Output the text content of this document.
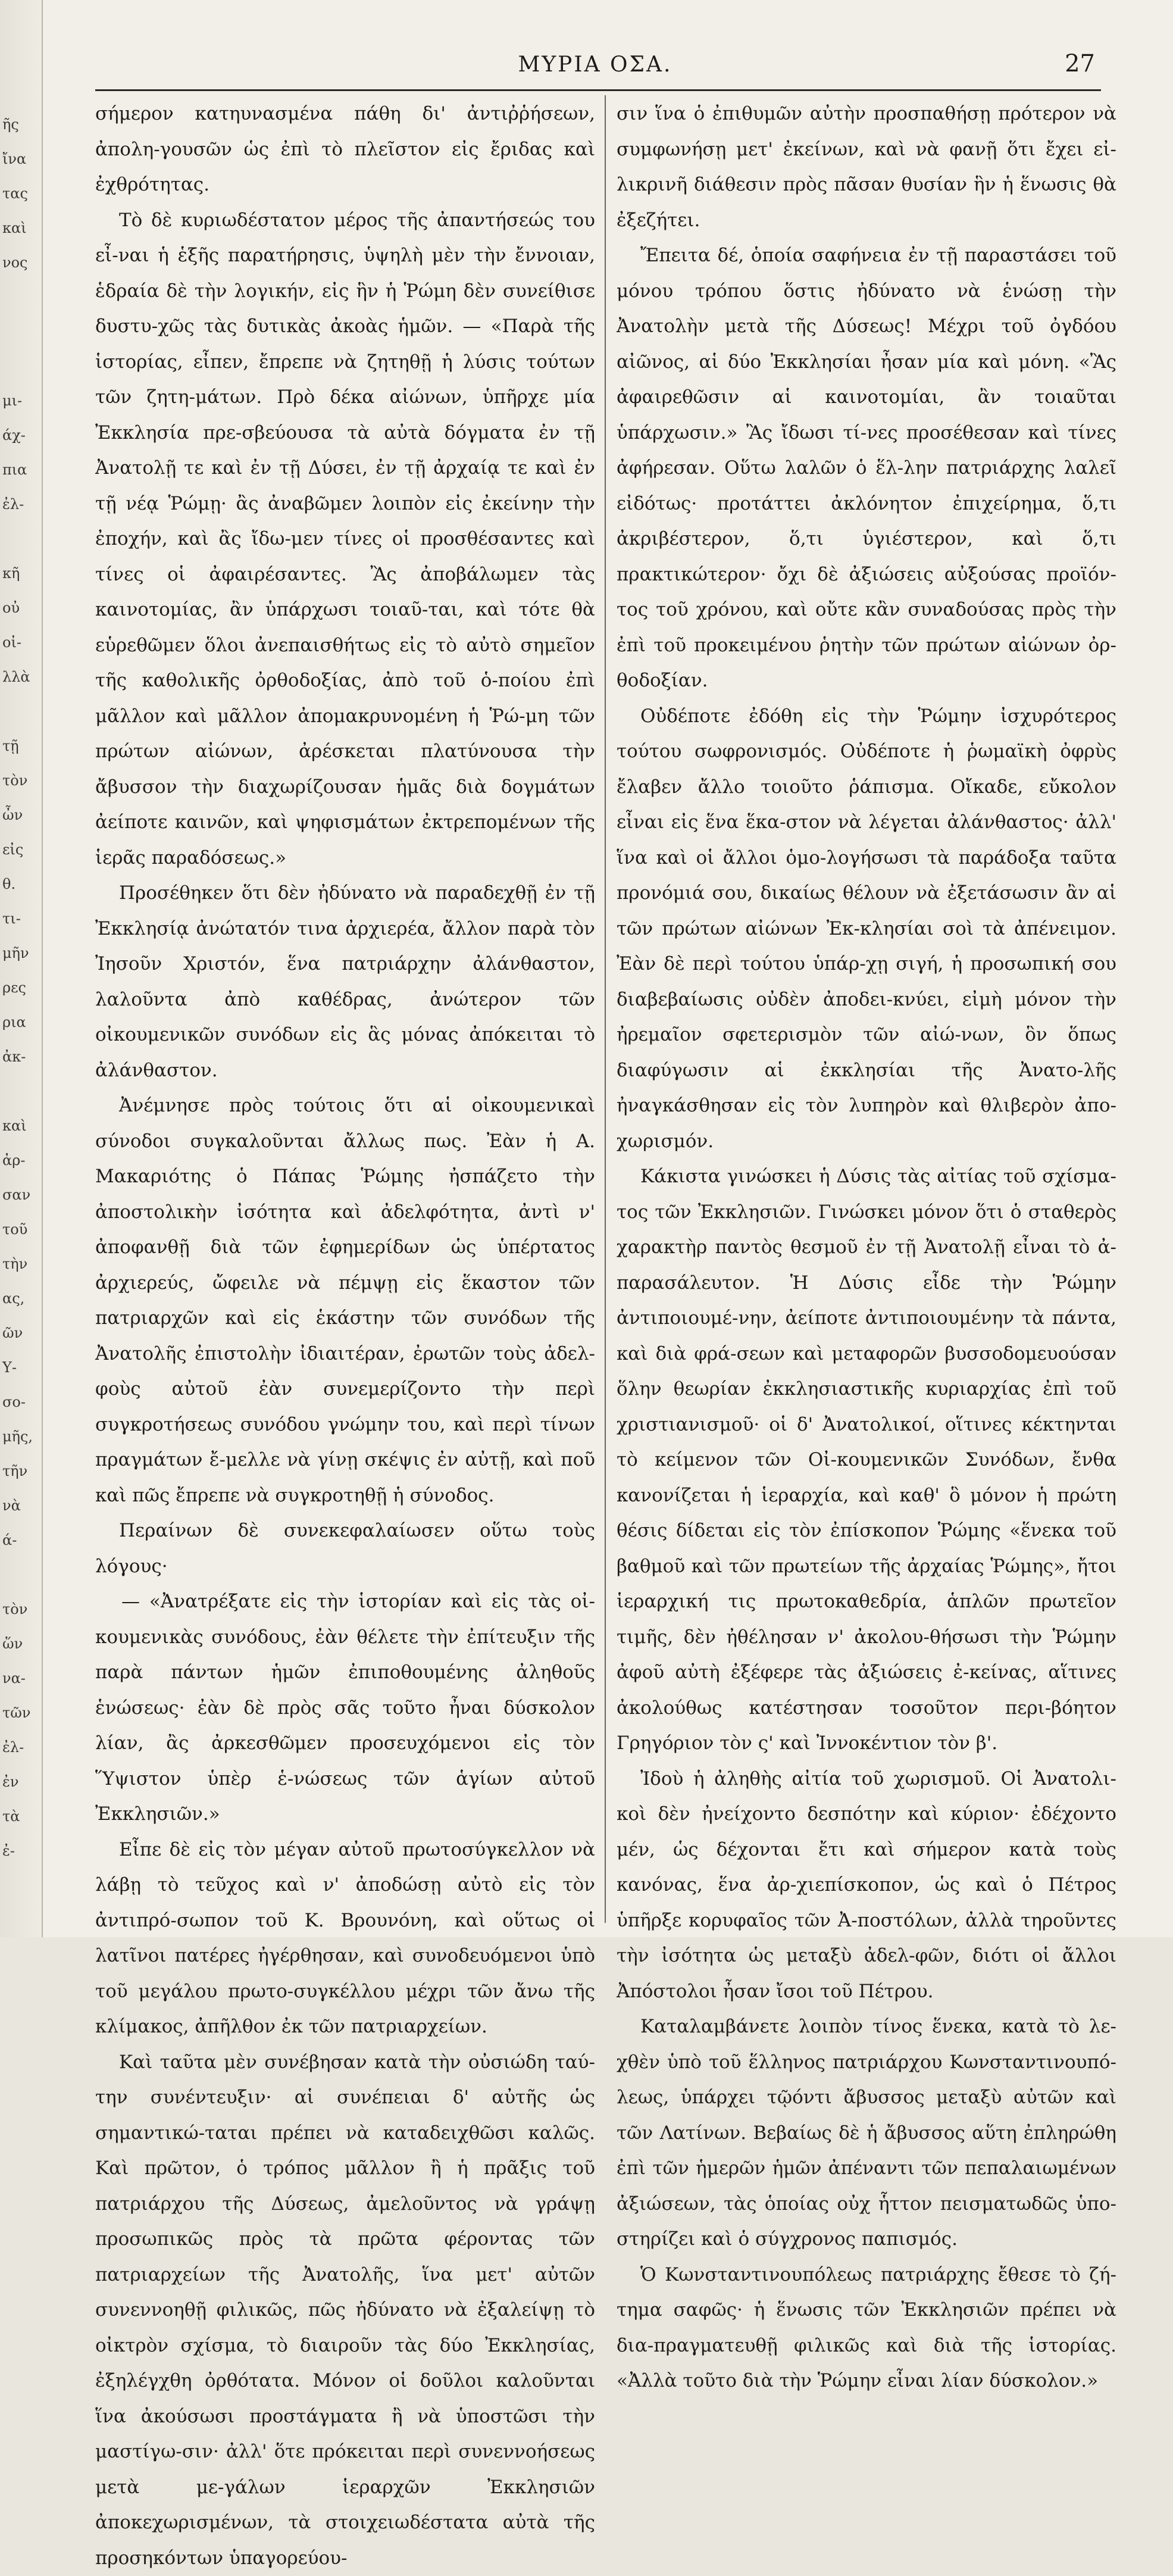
ῆς
ἴνα
τας
καὶ
νος

μι-
άχ-
πια
ἐλ-

κῆ
οὐ
οἱ-
λλὰ

τῇ
τὸν
ὦν
εἰς
θ.
τι-
μῆν
ρες
ρια
ἀκ-

καὶ
ἀρ-
σαν
τοῦ
τὴν
ας,
ῶν
Υ-
σο-
μῆς,
τῆν
νὰ
ά-

τὸν
ὥν
να-
τῶν
ἐλ-
ἐν
τὰ
ἐ-
ΜΥΡΙΑ ΟΣΑ.	27

σήμερον κατηυνασμένα πάθη δι' ἀντιῤῥήσεων, ἀπολη-γουσῶν ὡς ἐπὶ τὸ πλεῖστον εἰς ἔριδας καὶ ἐχθρότητας.

Τὸ δὲ κυριωδέστατον μέρος τῆς ἀπαντήσεώς του εἶ-ναι ἡ ἑξῆς παρατήρησις, ὑψηλὴ μὲν τὴν ἔννοιαν, ἑδραία δὲ τὴν λογικήν, εἰς ἣν ἡ Ῥώμη δὲν συνείθισε δυστυ-χῶς τὰς δυτικὰς ἀκοὰς ἡμῶν. — «Παρὰ τῆς ἱστορίας, εἶπεν, ἔπρεπε νὰ ζητηθῇ ἡ λύσις τούτων τῶν ζητη-μάτων. Πρὸ δέκα αἰώνων, ὑπῆρχε μία Ἐκκλησία πρε-σβεύουσα τὰ αὐτὰ δόγματα ἐν τῇ Ἀνατολῇ τε καὶ ἐν τῇ Δύσει, ἐν τῇ ἀρχαίᾳ τε καὶ ἐν τῇ νέᾳ Ῥώμῃ· ἂς ἀναβῶμεν λοιπὸν εἰς ἐκείνην τὴν ἐποχήν, καὶ ἂς ἴδω-μεν τίνες οἱ προσθέσαντες καὶ τίνες οἱ ἀφαιρέσαντες. Ἂς ἀποβάλωμεν τὰς καινοτομίας, ἂν ὑπάρχωσι τοιαῦ-ται, καὶ τότε θὰ εὑρεθῶμεν ὅλοι ἀνεπαισθήτως εἰς τὸ αὐτὸ σημεῖον τῆς καθολικῆς ὀρθοδοξίας, ἀπὸ τοῦ ὁ-ποίου ἐπὶ μᾶλλον καὶ μᾶλλον ἀπομακρυνομένη ἡ Ῥώ-μη τῶν πρώτων αἰώνων, ἀρέσκεται πλατύνουσα τὴν ἄβυσσον τὴν διαχωρίζουσαν ἡμᾶς διὰ δογμάτων ἀείποτε καινῶν, καὶ ψηφισμάτων ἐκτρεπομένων τῆς ἱερᾶς παραδόσεως.»

Προσέθηκεν ὅτι δὲν ἠδύνατο νὰ παραδεχθῇ ἐν τῇ Ἐκκλησίᾳ ἀνώτατόν τινα ἀρχιερέα, ἄλλον παρὰ τὸν Ἰησοῦν Χριστόν, ἕνα πατριάρχην ἀλάνθαστον, λαλοῦντα ἀπὸ καθέδρας, ἀνώτερον τῶν οἰκουμενικῶν συνόδων εἰς ἃς μόνας ἀπόκειται τὸ ἀλάνθαστον.

Ἀνέμνησε πρὸς τούτοις ὅτι αἱ οἰκουμενικαὶ σύνοδοι συγκαλοῦνται ἄλλως πως. Ἐὰν ἡ Α. Μακαριότης ὁ Πάπας Ῥώμης ἠσπάζετο τὴν ἀποστολικὴν ἰσότητα καὶ ἀδελφότητα, ἀντὶ ν' ἀποφανθῇ διὰ τῶν ἐφημερίδων ὡς ὑπέρτατος ἀρχιερεύς, ὤφειλε νὰ πέμψῃ εἰς ἕκαστον τῶν πατριαρχῶν καὶ εἰς ἑκάστην τῶν συνόδων τῆς Ἀνατολῆς ἐπιστολὴν ἰδιαιτέραν, ἐρωτῶν τοὺς ἀδελ-φοὺς αὐτοῦ ἐὰν συνεμερίζοντο τὴν περὶ συγκροτήσεως συνόδου γνώμην του, καὶ περὶ τίνων πραγμάτων ἔ-μελλε νὰ γίνῃ σκέψις ἐν αὐτῇ, καὶ ποῦ καὶ πῶς ἔπρεπε νὰ συγκροτηθῇ ἡ σύνοδος.

Περαίνων δὲ συνεκεφαλαίωσεν οὕτω τοὺς λόγους·

— «Ἀνατρέξατε εἰς τὴν ἱστορίαν καὶ εἰς τὰς οἰ-κουμενικὰς συνόδους, ἐὰν θέλετε τὴν ἐπίτευξιν τῆς παρὰ πάντων ἡμῶν ἐπιποθουμένης ἀληθοῦς ἑνώσεως· ἐὰν δὲ πρὸς σᾶς τοῦτο ἦναι δύσκολον λίαν, ἂς ἀρκεσθῶμεν προσευχόμενοι εἰς τὸν Ὕψιστον ὑπὲρ ἑ-νώσεως τῶν ἁγίων αὐτοῦ Ἐκκλησιῶν.»

Εἶπε δὲ εἰς τὸν μέγαν αὐτοῦ πρωτοσύγκελλον νὰ λάβῃ τὸ τεῦχος καὶ ν' ἀποδώσῃ αὐτὸ εἰς τὸν ἀντιπρό-σωπον τοῦ Κ. Βρουνόνη, καὶ οὕτως οἱ λατῖνοι πατέρες ἠγέρθησαν, καὶ συνοδευόμενοι ὑπὸ τοῦ μεγάλου πρωτο-συγκέλλου μέχρι τῶν ἄνω τῆς κλίμακος, ἀπῆλθον ἐκ τῶν πατριαρχείων.

Καὶ ταῦτα μὲν συνέβησαν κατὰ τὴν οὐσιώδη ταύ-την συνέντευξιν· αἱ συνέπειαι δ' αὐτῆς ὡς σημαντικώ-ταται πρέπει νὰ καταδειχθῶσι καλῶς. Καὶ πρῶτον, ὁ τρόπος μᾶλλον ἢ ἡ πρᾶξις τοῦ πατριάρχου τῆς Δύσεως, ἀμελοῦντος νὰ γράψῃ προσωπικῶς πρὸς τὰ πρῶτα φέροντας τῶν πατριαρχείων τῆς Ἀνατολῆς, ἵνα μετ' αὐτῶν συνεννοηθῇ φιλικῶς, πῶς ἠδύνατο νὰ ἐξαλείψῃ τὸ οἰκτρὸν σχίσμα, τὸ διαιροῦν τὰς δύο Ἐκκλησίας, ἐξηλέγχθη ὀρθότατα. Μόνον οἱ δοῦλοι καλοῦνται ἵνα ἀκούσωσι προστάγματα ἢ νὰ ὑποστῶσι τὴν μαστίγω-σιν· ἀλλ' ὅτε πρόκειται περὶ συνεννοήσεως μετὰ με-γάλων ἱεραρχῶν Ἐκκλησιῶν ἀποκεχωρισμένων, τὰ στοιχειωδέστατα αὐτὰ τῆς προσηκόντων ὑπαγορεύου-

σιν ἵνα ὁ ἐπιθυμῶν αὐτὴν προσπαθήσῃ πρότερον νὰ συμφωνήσῃ μετ' ἐκείνων, καὶ νὰ φανῇ ὅτι ἔχει εἰ-λικρινῆ διάθεσιν πρὸς πᾶσαν θυσίαν ἣν ἡ ἕνωσις θὰ ἐξεζήτει.

Ἔπειτα δέ, ὁποία σαφήνεια ἐν τῇ παραστάσει τοῦ μόνου τρόπου ὅστις ἠδύνατο νὰ ἑνώσῃ τὴν Ἀνατολὴν μετὰ τῆς Δύσεως! Μέχρι τοῦ ὀγδόου αἰῶνος, αἱ δύο Ἐκκλησίαι ἦσαν μία καὶ μόνη. «Ἂς ἀφαιρεθῶσιν αἱ καινοτομίαι, ἂν τοιαῦται ὑπάρχωσιν.» Ἂς ἴδωσι τί-νες προσέθεσαν καὶ τίνες ἀφήρεσαν. Οὕτω λαλῶν ὁ ἕλ-λην πατριάρχης λαλεῖ εἰδότως· προτάττει ἀκλόνητον ἐπιχείρημα, ὅ,τι ἀκριβέστερον, ὅ,τι ὑγιέστερον, καὶ ὅ,τι πρακτικώτερον· ὄχι δὲ ἀξιώσεις αὐξούσας προϊόν-τος τοῦ χρόνου, καὶ οὔτε κἂν συναδούσας πρὸς τὴν ἐπὶ τοῦ προκειμένου ῥητὴν τῶν πρώτων αἰώνων ὀρ-θοδοξίαν.

Οὐδέποτε ἐδόθη εἰς τὴν Ῥώμην ἰσχυρότερος τούτου σωφρονισμός. Οὐδέποτε ἡ ῥωμαϊκὴ ὀφρὺς ἔλαβεν ἄλλο τοιοῦτο ῥάπισμα. Οἴκαδε, εὔκολον εἶναι εἰς ἕνα ἕκα-στον νὰ λέγεται ἀλάνθαστος· ἀλλ' ἵνα καὶ οἱ ἄλλοι ὁμο-λογήσωσι τὰ παράδοξα ταῦτα προνόμιά σου, δικαίως θέλουν νὰ ἐξετάσωσιν ἂν αἱ τῶν πρώτων αἰώνων Ἐκ-κλησίαι σοὶ τὰ ἀπένειμον. Ἐὰν δὲ περὶ τούτου ὑπάρ-χῃ σιγή, ἡ προσωπική σου διαβεβαίωσις οὐδὲν ἀποδει-κνύει, εἰμὴ μόνον τὴν ἠρεμαῖον σφετερισμὸν τῶν αἰώ-νων, ὃν ὅπως διαφύγωσιν αἱ ἐκκλησίαι τῆς Ἀνατο-λῆς ἠναγκάσθησαν εἰς τὸν λυπηρὸν καὶ θλιβερὸν ἀπο-χωρισμόν.

Κάκιστα γινώσκει ἡ Δύσις τὰς αἰτίας τοῦ σχίσμα-τος τῶν Ἐκκλησιῶν. Γινώσκει μόνον ὅτι ὁ σταθερὸς χαρακτὴρ παντὸς θεσμοῦ ἐν τῇ Ἀνατολῇ εἶναι τὸ ἀ-παρασάλευτον. Ἡ Δύσις εἶδε τὴν Ῥώμην ἀντιποιουμέ-νην, ἀείποτε ἀντιποιουμένην τὰ πάντα, καὶ διὰ φρά-σεων καὶ μεταφορῶν βυσσοδομευούσαν ὅλην θεωρίαν ἐκκλησιαστικῆς κυριαρχίας ἐπὶ τοῦ χριστιανισμοῦ· οἱ δ' Ἀνατολικοί, οἵτινες κέκτηνται τὸ κείμενον τῶν Οἰ-κουμενικῶν Συνόδων, ἔνθα κανονίζεται ἡ ἱεραρχία, καὶ καθ' ὃ μόνον ἡ πρώτη θέσις δίδεται εἰς τὸν ἐπίσκοπον Ῥώμης «ἕνεκα τοῦ βαθμοῦ καὶ τῶν πρωτείων τῆς ἀρχαίας Ῥώμης», ἤτοι ἱεραρχική τις πρωτοκαθεδρία, ἁπλῶν πρωτεῖον τιμῆς, δὲν ἠθέλησαν ν' ἀκολου-θήσωσι τὴν Ῥώμην ἀφοῦ αὐτὴ ἐξέφερε τὰς ἀξιώσεις ἐ-κείνας, αἵτινες ἀκολούθως κατέστησαν τοσοῦτον περι-βόητον Γρηγόριον τὸν ς' καὶ Ἰννοκέντιον τὸν β'.

Ἰδοὺ ἡ ἀληθὴς αἰτία τοῦ χωρισμοῦ. Οἱ Ἀνατολι-κοὶ δὲν ἠνείχοντο δεσπότην καὶ κύριον· ἐδέχοντο μέν, ὡς δέχονται ἔτι καὶ σήμερον κατὰ τοὺς κανόνας, ἕνα ἀρ-χιεπίσκοπον, ὡς καὶ ὁ Πέτρος ὑπῆρξε κορυφαῖος τῶν Ἀ-ποστόλων, ἀλλὰ τηροῦντες τὴν ἰσότητα ὡς μεταξὺ ἀδελ-φῶν, διότι οἱ ἄλλοι Ἀπόστολοι ἦσαν ἴσοι τοῦ Πέτρου.

Καταλαμβάνετε λοιπὸν τίνος ἕνεκα, κατὰ τὸ λε-χθὲν ὑπὸ τοῦ ἕλληνος πατριάρχου Κωνσταντινουπό-λεως, ὑπάρχει τῷόντι ἄβυσσος μεταξὺ αὐτῶν καὶ τῶν Λατίνων. Βεβαίως δὲ ἡ ἄβυσσος αὕτη ἐπληρώθη ἐπὶ τῶν ἡμερῶν ἡμῶν ἀπέναντι τῶν πεπαλαιωμένων ἀξιώσεων, τὰς ὁποίας οὐχ ἧττον πεισματωδῶς ὑπο-στηρίζει καὶ ὁ σύγχρονος παπισμός.

Ὁ Κωνσταντινουπόλεως πατριάρχης ἔθεσε τὸ ζή-τημα σαφῶς· ἡ ἕνωσις τῶν Ἐκκλησιῶν πρέπει νὰ δια-πραγματευθῇ φιλικῶς καὶ διὰ τῆς ἱστορίας. «Ἀλλὰ τοῦτο διὰ τὴν Ῥώμην εἶναι λίαν δύσκολον.»
